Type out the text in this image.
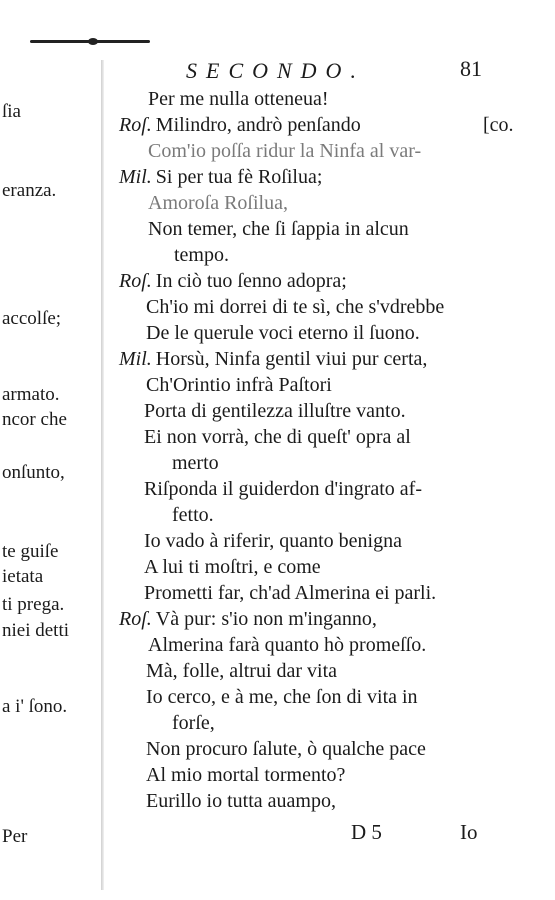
ſia
eranza.
accolſe;
armato.
ncor che
onſunto,
te guiſe
ietata
ti prega.
niei detti
a i' ſono.
Per
SECONDO.	81
Per me nulla otteneua!
Roſ. Milindro, andrò penſando
Com'io poſſa ridur la Ninfa al var-
Mil. Si per tua fè Roſilua;
Amoroſa Roſilua,
Non temer, che ſi ſappia in alcun
tempo.
Roſ. In ciò tuo ſenno adopra;
Ch'io mi dorrei di te sì, che s'vdrebbe
De le querule voci eterno il ſuono.
Mil. Horsù, Ninfa gentil viui pur certa,
Ch'Orintio infrà Paſtori
Porta di gentilezza illuſtre vanto.
Ei non vorrà, che di queſt' opra al
merto
Riſponda il guiderdon d'ingrato af-
fetto.
Io vado à riferir, quanto benigna
A lui ti moſtri, e come
Prometti far, ch'ad Almerina ei parli.
Roſ. Và pur: s'io non m'inganno,
Almerina farà quanto hò promeſſo.
Mà, folle, altrui dar vita
Io cerco, e à me, che ſon di vita in
forſe,
Non procuro ſalute, ò qualche pace
Al mio mortal tormento?
Eurillo io tutta auampo,
[co.
D 5	Io
